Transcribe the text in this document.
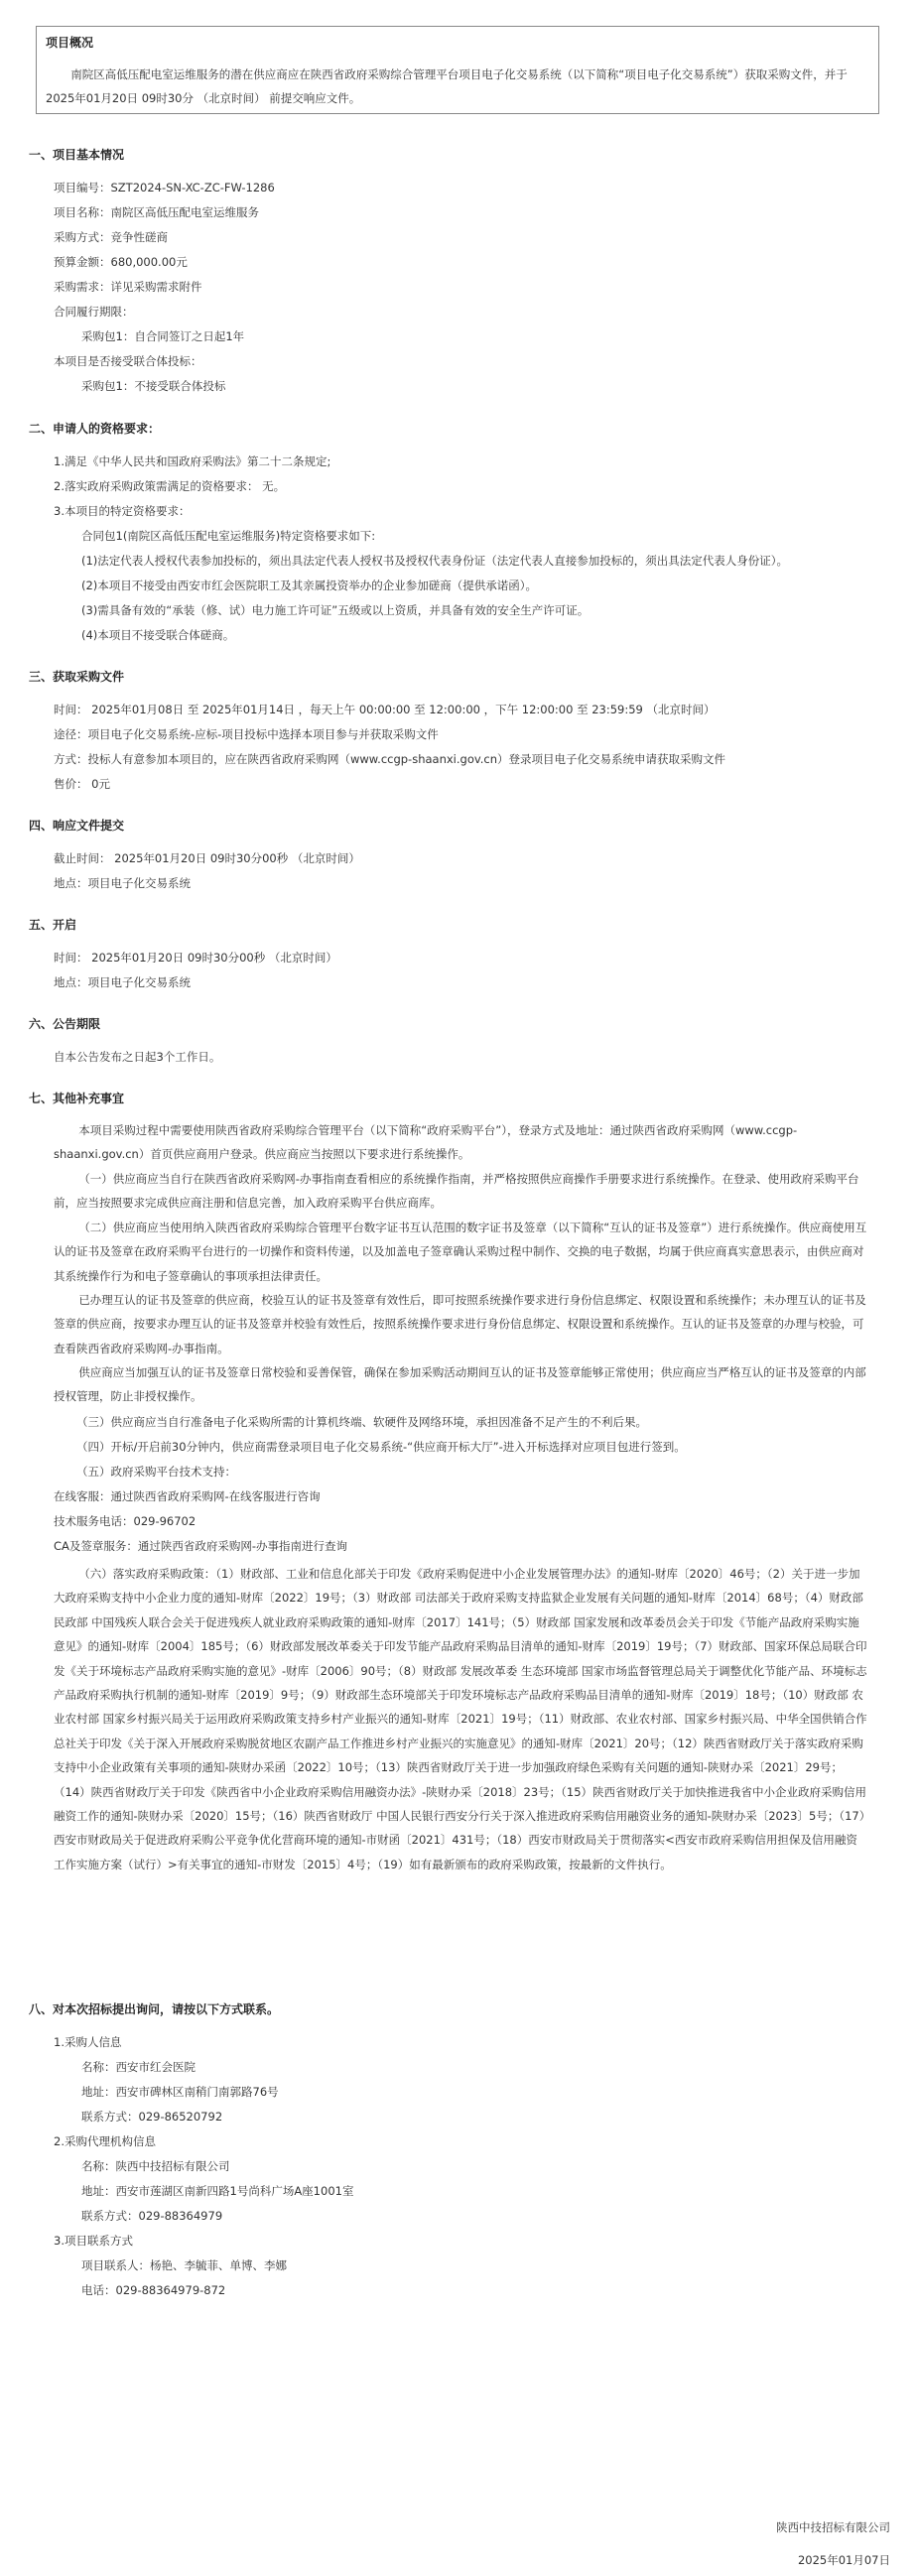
项目概况
南院区高低压配电室运维服务的潜在供应商应在陕西省政府采购综合管理平台项目电子化交易系统（以下简称“项目电子化交易系统”）获取采购文件，并于 2025年01月20日 09时30分 （北京时间） 前提交响应文件。
一、项目基本情况
项目编号：SZT2024-SN-XC-ZC-FW-1286
项目名称：南院区高低压配电室运维服务
采购方式：竞争性磋商
预算金额：680,000.00元
采购需求：详见采购需求附件
合同履行期限：
采购包1：自合同签订之日起1年
本项目是否接受联合体投标：
采购包1：不接受联合体投标
二、申请人的资格要求：
1.满足《中华人民共和国政府采购法》第二十二条规定;
2.落实政府采购政策需满足的资格要求： 无。
3.本项目的特定资格要求：
合同包1(南院区高低压配电室运维服务)特定资格要求如下:
(1)法定代表人授权代表参加投标的，须出具法定代表人授权书及授权代表身份证（法定代表人直接参加投标的，须出具法定代表人身份证）。
(2)本项目不接受由西安市红会医院职工及其亲属投资举办的企业参加磋商（提供承诺函）。
(3)需具备有效的“承装（修、试）电力施工许可证”五级或以上资质，并具备有效的安全生产许可证。
(4)本项目不接受联合体磋商。
三、获取采购文件
时间： 2025年01月08日 至 2025年01月14日 ，每天上午 00:00:00 至 12:00:00 ，下午 12:00:00 至 23:59:59 （北京时间）
途径：项目电子化交易系统-应标-项目投标中选择本项目参与并获取采购文件
方式：投标人有意参加本项目的，应在陕西省政府采购网（www.ccgp-shaanxi.gov.cn）登录项目电子化交易系统申请获取采购文件
售价： 0元
四、响应文件提交
截止时间： 2025年01月20日 09时30分00秒 （北京时间）
地点：项目电子化交易系统
五、开启
时间： 2025年01月20日 09时30分00秒 （北京时间）
地点：项目电子化交易系统
六、公告期限
自本公告发布之日起3个工作日。
七、其他补充事宜
本项目采购过程中需要使用陕西省政府采购综合管理平台（以下简称“政府采购平台”），登录方式及地址：通过陕西省政府采购网（www.ccgp-shaanxi.gov.cn）首页供应商用户登录。供应商应当按照以下要求进行系统操作。
（一）供应商应当自行在陕西省政府采购网-办事指南查看相应的系统操作指南，并严格按照供应商操作手册要求进行系统操作。在登录、使用政府采购平台前，应当按照要求完成供应商注册和信息完善，加入政府采购平台供应商库。
（二）供应商应当使用纳入陕西省政府采购综合管理平台数字证书互认范围的数字证书及签章（以下简称“互认的证书及签章”）进行系统操作。供应商使用互认的证书及签章在政府采购平台进行的一切操作和资料传递，以及加盖电子签章确认采购过程中制作、交换的电子数据，均属于供应商真实意思表示，由供应商对其系统操作行为和电子签章确认的事项承担法律责任。
已办理互认的证书及签章的供应商，校验互认的证书及签章有效性后，即可按照系统操作要求进行身份信息绑定、权限设置和系统操作；未办理互认的证书及签章的供应商，按要求办理互认的证书及签章并校验有效性后，按照系统操作要求进行身份信息绑定、权限设置和系统操作。互认的证书及签章的办理与校验，可查看陕西省政府采购网-办事指南。
供应商应当加强互认的证书及签章日常校验和妥善保管，确保在参加采购活动期间互认的证书及签章能够正常使用；供应商应当严格互认的证书及签章的内部授权管理，防止非授权操作。
（三）供应商应当自行准备电子化采购所需的计算机终端、软硬件及网络环境，承担因准备不足产生的不利后果。
（四）开标/开启前30分钟内，供应商需登录项目电子化交易系统-“供应商开标大厅”-进入开标选择对应项目包进行签到。
（五）政府采购平台技术支持：
在线客服：通过陕西省政府采购网-在线客服进行咨询
技术服务电话：029-96702
CA及签章服务：通过陕西省政府采购网-办事指南进行查询
（六）落实政府采购政策：（1）财政部、工业和信息化部关于印发《政府采购促进中小企业发展管理办法》的通知-财库〔2020〕46号；（2）关于进一步加大政府采购支持中小企业力度的通知-财库〔2022〕19号；（3）财政部 司法部关于政府采购支持监狱企业发展有关问题的通知-财库〔2014〕68号；（4）财政部 民政部 中国残疾人联合会关于促进残疾人就业政府采购政策的通知-财库〔2017〕141号；（5）财政部 国家发展和改革委员会关于印发《节能产品政府采购实施意见》的通知-财库〔2004〕185号；（6）财政部发展改革委关于印发节能产品政府采购品目清单的通知-财库〔2019〕19号；（7）财政部、国家环保总局联合印发《关于环境标志产品政府采购实施的意见》-财库〔2006〕90号；（8）财政部 发展改革委 生态环境部 国家市场监督管理总局关于调整优化节能产品、环境标志产品政府采购执行机制的通知-财库〔2019〕9号；（9）财政部生态环境部关于印发环境标志产品政府采购品目清单的通知-财库〔2019〕18号；（10）财政部 农业农村部 国家乡村振兴局关于运用政府采购政策支持乡村产业振兴的通知-财库〔2021〕19号；（11）财政部、农业农村部、国家乡村振兴局、中华全国供销合作总社关于印发《关于深入开展政府采购脱贫地区农副产品工作推进乡村产业振兴的实施意见》的通知-财库〔2021〕20号；（12）陕西省财政厅关于落实政府采购支持中小企业政策有关事项的通知-陕财办采函〔2022〕10号；（13）陕西省财政厅关于进一步加强政府绿色采购有关问题的通知-陕财办采〔2021〕29号；（14）陕西省财政厅关于印发《陕西省中小企业政府采购信用融资办法》-陕财办采〔2018〕23号；（15）陕西省财政厅关于加快推进我省中小企业政府采购信用融资工作的通知-陕财办采〔2020〕15号；（16）陕西省财政厅 中国人民银行西安分行关于深入推进政府采购信用融资业务的通知-陕财办采〔2023〕5号；（17）西安市财政局关于促进政府采购公平竞争优化营商环境的通知-市财函〔2021〕431号；（18）西安市财政局关于贯彻落实<西安市政府采购信用担保及信用融资工作实施方案（试行）>有关事宜的通知-市财发〔2015〕4号；（19）如有最新颁布的政府采购政策，按最新的文件执行。
八、对本次招标提出询问，请按以下方式联系。
1.采购人信息
名称：西安市红会医院
地址：西安市碑林区南稍门南郭路76号
联系方式：029-86520792
2.采购代理机构信息
名称：陕西中技招标有限公司
地址：西安市莲湖区南新四路1号尚科广场A座1001室
联系方式：029-88364979
3.项目联系方式
项目联系人：杨艳、李毓菲、单博、李娜
电话：029-88364979-872
陕西中技招标有限公司
2025年01月07日
